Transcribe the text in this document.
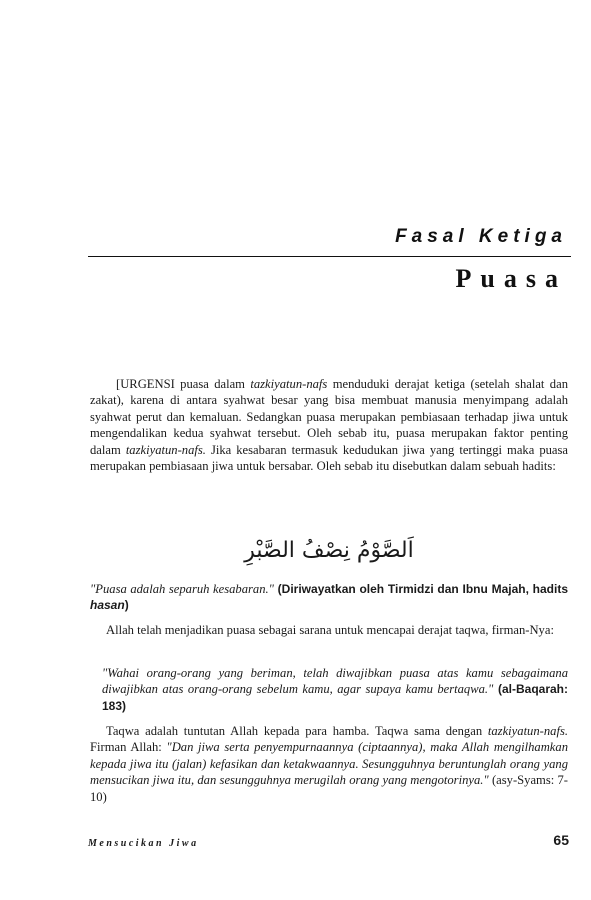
Fasal Ketiga
Puasa

[URGENSI puasa dalam tazkiyatun-nafs menduduki derajat ketiga (setelah shalat dan zakat), karena di antara syahwat besar yang bisa membuat manusia menyimpang adalah syahwat perut dan kemaluan. Sedangkan puasa merupakan pembiasaan terhadap jiwa untuk mengendalikan kedua syahwat tersebut. Oleh sebab itu, puasa merupakan faktor penting dalam tazkiyatun-nafs. Jika kesabaran termasuk kedudukan jiwa yang tertinggi maka puasa merupakan pembiasaan jiwa untuk bersabar. Oleh sebab itu disebutkan dalam sebuah hadits:

اَلصَّوْمُ نِصْفُ الصَّبْرِ

"Puasa adalah separuh kesabaran." (Diriwayatkan oleh Tirmidzi dan Ibnu Majah, hadits hasan)

Allah telah menjadikan puasa sebagai sarana untuk mencapai derajat taqwa, firman-Nya:

"Wahai orang-orang yang beriman, telah diwajibkan puasa atas kamu sebagaimana diwajibkan atas orang-orang sebelum kamu, agar supaya kamu bertaqwa." (al-Baqarah: 183)

Taqwa adalah tuntutan Allah kepada para hamba. Taqwa sama dengan tazkiyatun-nafs. Firman Allah: "Dan jiwa serta penyempurnaannya (ciptaannya), maka Allah mengilhamkan kepada jiwa itu (jalan) kefasikan dan ketakwaannya. Sesungguhnya beruntunglah orang yang mensucikan jiwa itu, dan sesungguhnya merugilah orang yang mengotorinya." (asy-Syams: 7-10)

Mensucikan Jiwa	65
